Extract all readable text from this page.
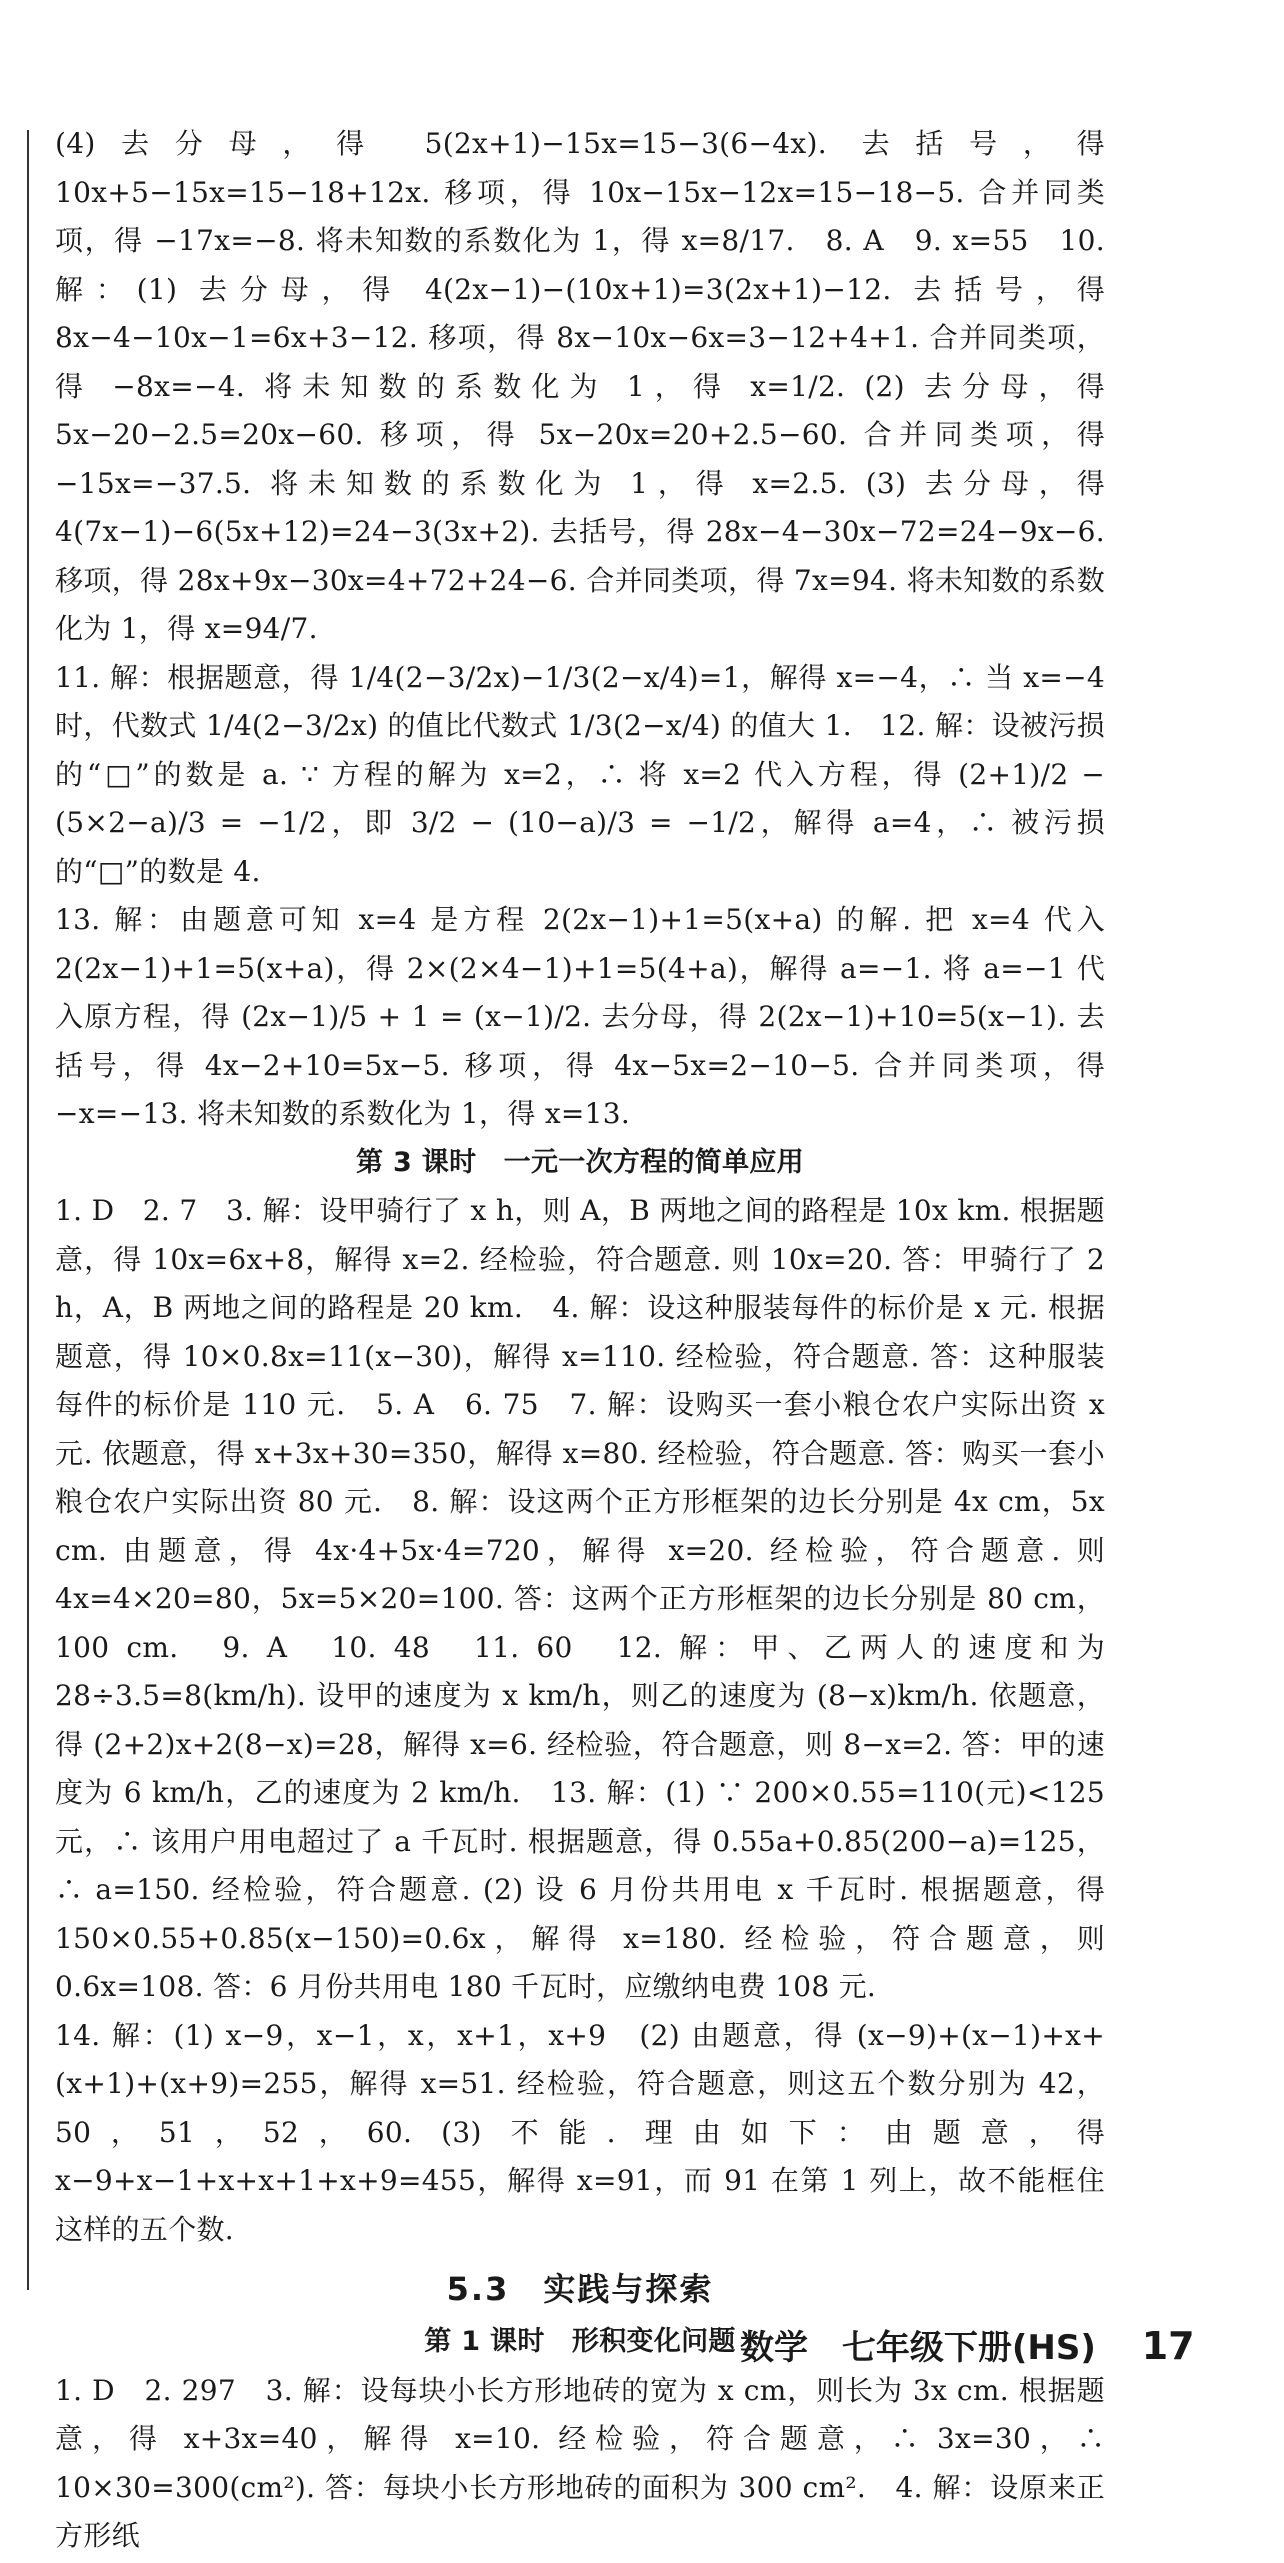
(4)去分母，得 5(2x+1)−15x=15−3(6−4x). 去括号，得 10x+5−15x=15−18+12x. 移项，得 10x−15x−12x=15−18−5. 合并同类项，得 −17x=−8. 将未知数的系数化为 1，得 x=8/17.　8. A　9. x=55　10. 解：(1) 去分母，得 4(2x−1)−(10x+1)=3(2x+1)−12. 去括号，得 8x−4−10x−1=6x+3−12. 移项，得 8x−10x−6x=3−12+4+1. 合并同类项，得 −8x=−4. 将未知数的系数化为 1，得 x=1/2. (2) 去分母，得 5x−20−2.5=20x−60. 移项，得 5x−20x=20+2.5−60. 合并同类项，得 −15x=−37.5. 将未知数的系数化为 1，得 x=2.5. (3) 去分母，得 4(7x−1)−6(5x+12)=24−3(3x+2). 去括号，得 28x−4−30x−72=24−9x−6. 移项，得 28x+9x−30x=4+72+24−6. 合并同类项，得 7x=94. 将未知数的系数化为 1，得 x=94/7.

11. 解：根据题意，得 1/4(2−3/2x)−1/3(2−x/4)=1，解得 x=−4，∴ 当 x=−4 时，代数式 1/4(2−3/2x) 的值比代数式 1/3(2−x/4) 的值大 1.　12. 解：设被污损的“□”的数是 a. ∵ 方程的解为 x=2，∴ 将 x=2 代入方程，得 (2+1)/2 − (5×2−a)/3 = −1/2，即 3/2 − (10−a)/3 = −1/2，解得 a=4，∴ 被污损的“□”的数是 4.

13. 解：由题意可知 x=4 是方程 2(2x−1)+1=5(x+a) 的解. 把 x=4 代入 2(2x−1)+1=5(x+a)，得 2×(2×4−1)+1=5(4+a)，解得 a=−1. 将 a=−1 代入原方程，得 (2x−1)/5 + 1 = (x−1)/2. 去分母，得 2(2x−1)+10=5(x−1). 去括号，得 4x−2+10=5x−5. 移项，得 4x−5x=2−10−5. 合并同类项，得 −x=−13. 将未知数的系数化为 1，得 x=13.

第 3 课时　一元一次方程的简单应用

1. D　2. 7　3. 解：设甲骑行了 x h，则 A，B 两地之间的路程是 10x km. 根据题意，得 10x=6x+8，解得 x=2. 经检验，符合题意. 则 10x=20. 答：甲骑行了 2 h，A，B 两地之间的路程是 20 km.　4. 解：设这种服装每件的标价是 x 元. 根据题意，得 10×0.8x=11(x−30)，解得 x=110. 经检验，符合题意. 答：这种服装每件的标价是 110 元.　5. A　6. 75　7. 解：设购买一套小粮仓农户实际出资 x 元. 依题意，得 x+3x+30=350，解得 x=80. 经检验，符合题意. 答：购买一套小粮仓农户实际出资 80 元.　8. 解：设这两个正方形框架的边长分别是 4x cm，5x cm. 由题意，得 4x·4+5x·4=720，解得 x=20. 经检验，符合题意. 则 4x=4×20=80，5x=5×20=100. 答：这两个正方形框架的边长分别是 80 cm，100 cm.　9. A　10. 48　11. 60　12. 解：甲、乙两人的速度和为 28÷3.5=8(km/h). 设甲的速度为 x km/h，则乙的速度为 (8−x)km/h. 依题意，得 (2+2)x+2(8−x)=28，解得 x=6. 经检验，符合题意，则 8−x=2. 答：甲的速度为 6 km/h，乙的速度为 2 km/h.　13. 解：(1) ∵ 200×0.55=110(元)<125 元，∴ 该用户用电超过了 a 千瓦时. 根据题意，得 0.55a+0.85(200−a)=125，∴ a=150. 经检验，符合题意. (2) 设 6 月份共用电 x 千瓦时. 根据题意，得 150×0.55+0.85(x−150)=0.6x，解得 x=180. 经检验，符合题意，则 0.6x=108. 答：6 月份共用电 180 千瓦时，应缴纳电费 108 元.

14. 解：(1) x−9，x−1，x，x+1，x+9　(2) 由题意，得 (x−9)+(x−1)+x+(x+1)+(x+9)=255，解得 x=51. 经检验，符合题意，则这五个数分别为 42，50，51，52，60. (3) 不能. 理由如下：由题意，得 x−9+x−1+x+x+1+x+9=455，解得 x=91，而 91 在第 1 列上，故不能框住这样的五个数.

5.3　实践与探索

第 1 课时　形积变化问题

1. D　2. 297　3. 解：设每块小长方形地砖的宽为 x cm，则长为 3x cm. 根据题意，得 x+3x=40，解得 x=10. 经检验，符合题意，∴ 3x=30，∴ 10×30=300(cm²). 答：每块小长方形地砖的面积为 300 cm².　4. 解：设原来正方形纸

数学 七年级下册(HS) 17
